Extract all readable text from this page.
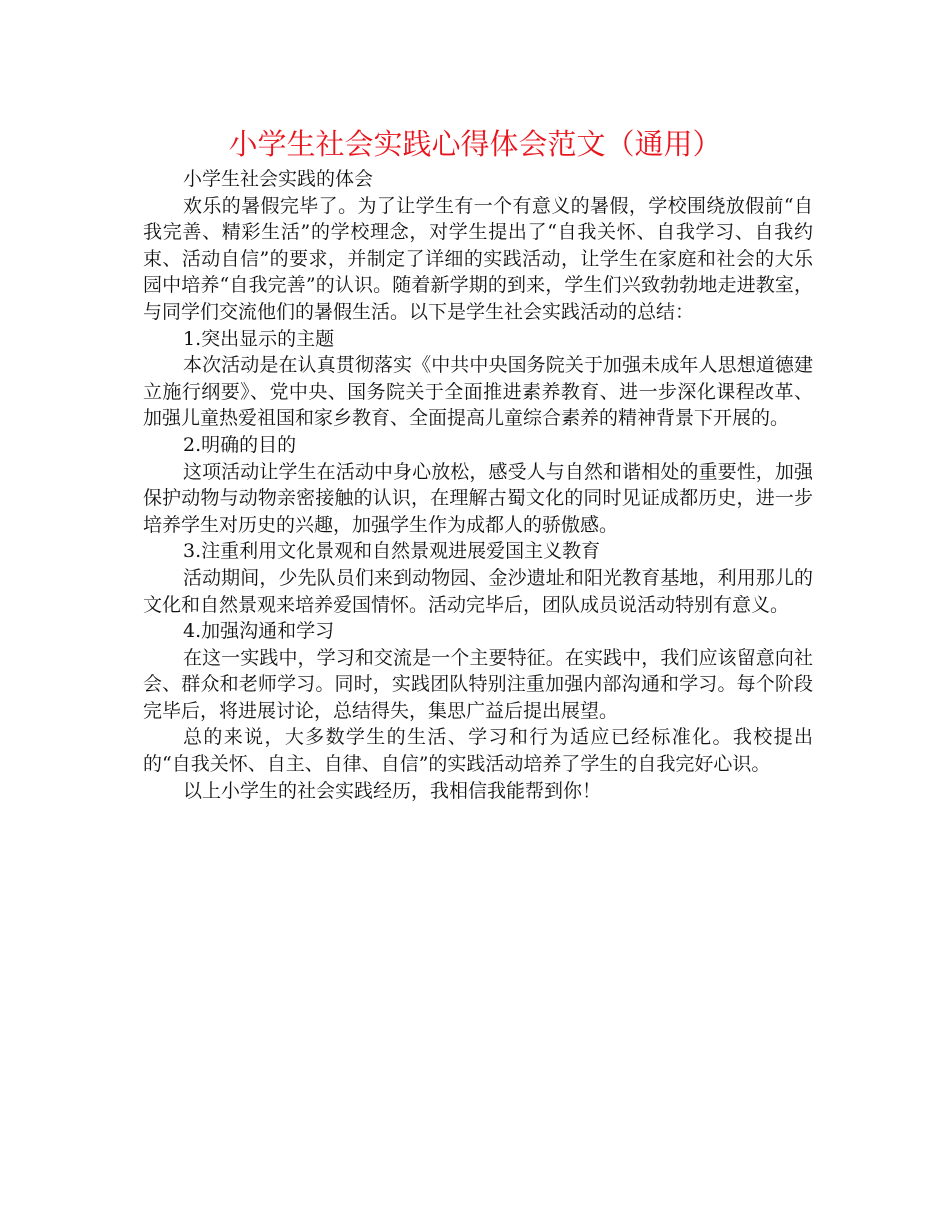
小学生社会实践心得体会范文（通用）

小学生社会实践的体会

欢乐的暑假完毕了。为了让学生有一个有意义的暑假，学校围绕放假前“自我完善、精彩生活”的学校理念，对学生提出了“自我关怀、自我学习、自我约束、活动自信”的要求，并制定了详细的实践活动，让学生在家庭和社会的大乐园中培养“自我完善”的认识。随着新学期的到来，学生们兴致勃勃地走进教室，与同学们交流他们的暑假生活。以下是学生社会实践活动的总结：

1.突出显示的主题

本次活动是在认真贯彻落实《中共中央国务院关于加强未成年人思想道德建立施行纲要》、党中央、国务院关于全面推进素养教育、进一步深化课程改革、加强儿童热爱祖国和家乡教育、全面提高儿童综合素养的精神背景下开展的。

2.明确的目的

这项活动让学生在活动中身心放松，感受人与自然和谐相处的重要性，加强保护动物与动物亲密接触的认识，在理解古蜀文化的同时见证成都历史，进一步培养学生对历史的兴趣，加强学生作为成都人的骄傲感。

3.注重利用文化景观和自然景观进展爱国主义教育

活动期间，少先队员们来到动物园、金沙遗址和阳光教育基地，利用那儿的文化和自然景观来培养爱国情怀。活动完毕后，团队成员说活动特别有意义。

4.加强沟通和学习

在这一实践中，学习和交流是一个主要特征。在实践中，我们应该留意向社会、群众和老师学习。同时，实践团队特别注重加强内部沟通和学习。每个阶段完毕后，将进展讨论，总结得失，集思广益后提出展望。

总的来说，大多数学生的生活、学习和行为适应已经标准化。我校提出的“自我关怀、自主、自律、自信”的实践活动培养了学生的自我完好心识。

以上小学生的社会实践经历，我相信我能帮到你！
